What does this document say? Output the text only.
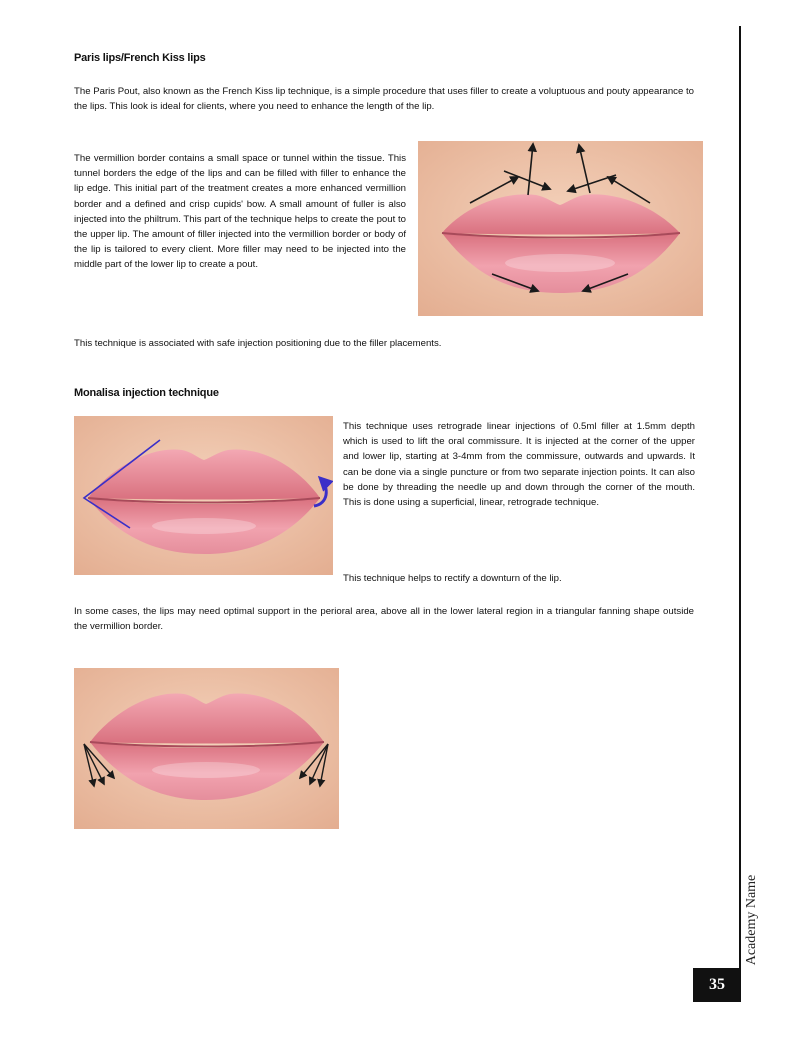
Paris lips/French Kiss lips

The Paris Pout, also known as the French Kiss lip technique, is a simple procedure that uses filler to create a voluptuous and pouty appearance to the lips. This look is ideal for clients, where you need to enhance the length of the lip.

The vermillion border contains a small space or tunnel within the tissue. This tunnel borders the edge of the lips and can be filled with filler to enhance the lip edge. This initial part of the treatment creates a more enhanced vermillion border and a defined and crisp cupids' bow. A small amount of fuller is also injected into the philtrum. This part of the technique helps to create the pout to the upper lip. The amount of filler injected into the vermillion border or body of the lip is tailored to every client. More filler may need to be injected into the middle part of the lower lip to create a pout.

This technique is associated with safe injection positioning due to the filler placements.

Monalisa injection technique

This technique uses retrograde linear injections of 0.5ml filler at 1.5mm depth which is used to lift the oral commissure. It is injected at the corner of the upper and lower lip, starting at 3-4mm from the commissure, outwards and upwards. It can be done via a single puncture or from two separate injection points. It can also be done by threading the needle up and down through the corner of the mouth. This is done using a superficial, linear, retrograde technique.

This technique helps to rectify a downturn of the lip.

In some cases, the lips may need optimal support in the perioral area, above all in the lower lateral region in a triangular fanning shape outside the vermillion border.

Academy Name
35
